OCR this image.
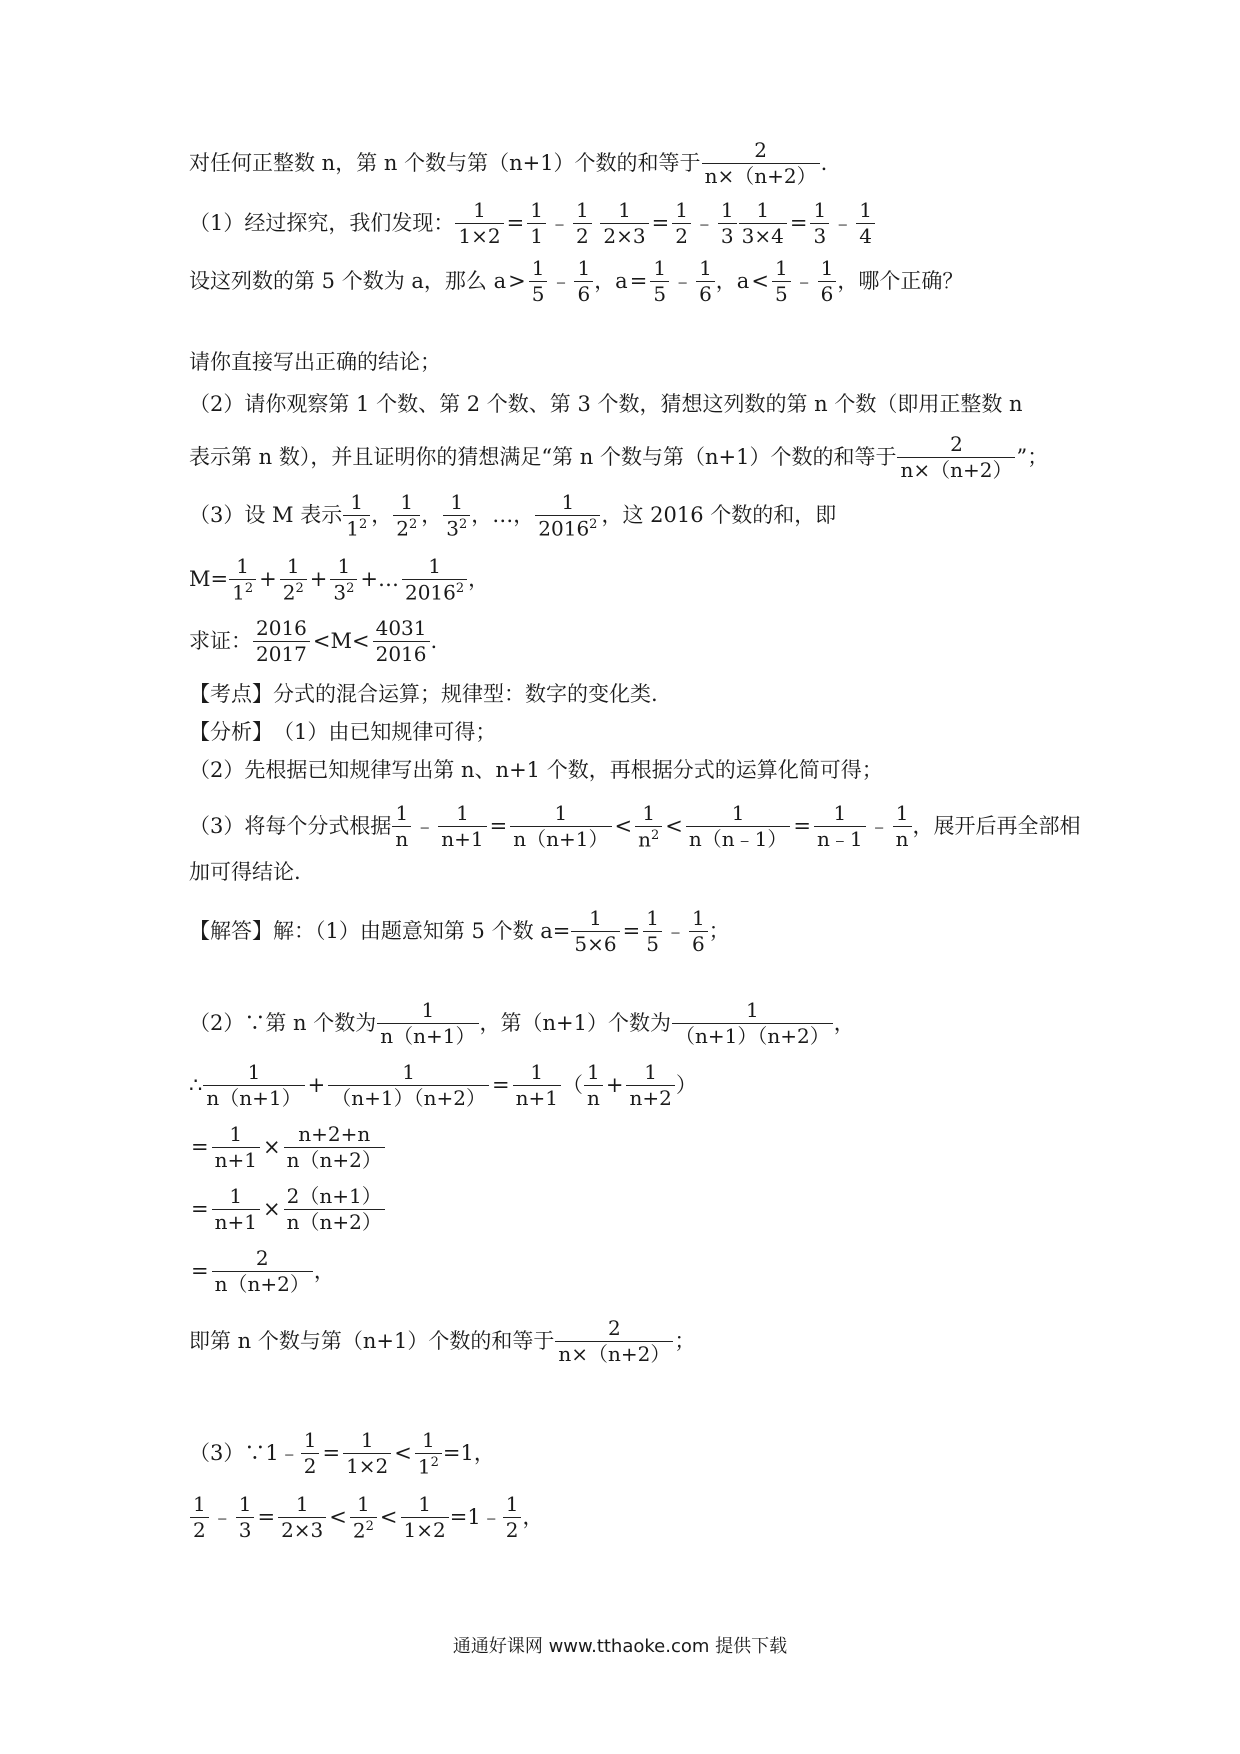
对任何正整数 n，第 n 个数与第（n+1）个数的和等于 $\frac{2}{n\times(n+2)}$ .
（1）经过探究，我们发现： $\frac{1}{1\times 2} = \frac{1}{1}$ ﹣ $\frac{1}{2}$
$\frac{1}{2\times 3} = \frac{1}{2}$ ﹣ $\frac{1}{3} \frac{1}{3\times 4} = \frac{1}{3}$ ﹣ $\frac{1}{4}$
设这列数的第 5 个数为 a，那么 $a > \frac{1}{5}$ ﹣ $\frac{1}{6}$ ，$a = \frac{1}{5}$ ﹣ $\frac{1}{6}$ ，$a < \frac{1}{5}$ ﹣ $\frac{1}{6}$ ，哪个正确？
请你直接写出正确的结论；
（2）请你观察第 1 个数、第 2 个数、第 3 个数，猜想这列数的第 n 个数（即用正整数 n
表示第 n 数），并且证明你的猜想满足“第 n 个数与第（n+1）个数的和等于 $\frac{2}{n\times(n+2)}$ ”；
（3）设 M 表示 $\frac{1}{1^2}$ ， $\frac{1}{2^2}$ ， $\frac{1}{3^2}$ ，…， $\frac{1}{2016^2}$ ，这 2016 个数的和，即
$M= \frac{1}{1^2} + \frac{1}{2^2} + \frac{1}{3^2}$ +… $\frac{1}{2016^2}$ ，
求证： $\frac{2016}{2017} <M< \frac{4031}{2016}$ .
【考点】 分式的混合运算；规律型：数字的变化类.
【分析】 （1）由已知规律可得；
（2）先根据已知规律写出第 n、n+1 个数，再根据分式的运算化简可得；
（3）将每个分式根据 $\frac{1}{n}$ ﹣ $\frac{1}{n+1} = \frac{1}{n(n+1)} < \frac{1}{n^2} < \frac{1}{n(n﹣1)} = \frac{1}{n﹣1}$ ﹣ $\frac{1}{n}$ ，展开后再全部相
加可得结论.
【解答】 解：（1）由题意知第 5 个数 $a= \frac{1}{5\times 6} = \frac{1}{5}$ ﹣ $\frac{1}{6}$ ；
（2）∵第 n 个数为 $\frac{1}{n(n+1)}$ ，第（n+1）个数为 $\frac{1}{(n+1)(n+2)}$ ，
∴ $\frac{1}{n(n+1)} + \frac{1}{(n+1)(n+2)} = \frac{1}{n+1}$ （ $\frac{1}{n} + \frac{1}{n+2}$ ）
= $\frac{1}{n+1} \times \frac{n+2+n}{n(n+2)}$
= $\frac{1}{n+1} \times \frac{2(n+1)}{n(n+2)}$
= $\frac{2}{n(n+2)}$ ，
即第 n 个数与第（n+1）个数的和等于 $\frac{2}{n\times(n+2)}$ ；
（3）∵1﹣ $\frac{1}{2} = \frac{1}{1\times 2} < \frac{1}{1^2} =1$，
$\frac{1}{2}$ ﹣ $\frac{1}{3} = \frac{1}{2\times 3} < \frac{1}{2^2} < \frac{1}{1\times 2}$ =1﹣ $\frac{1}{2}$ ，
通通好课网 www.tthaoke.com 提供下载
